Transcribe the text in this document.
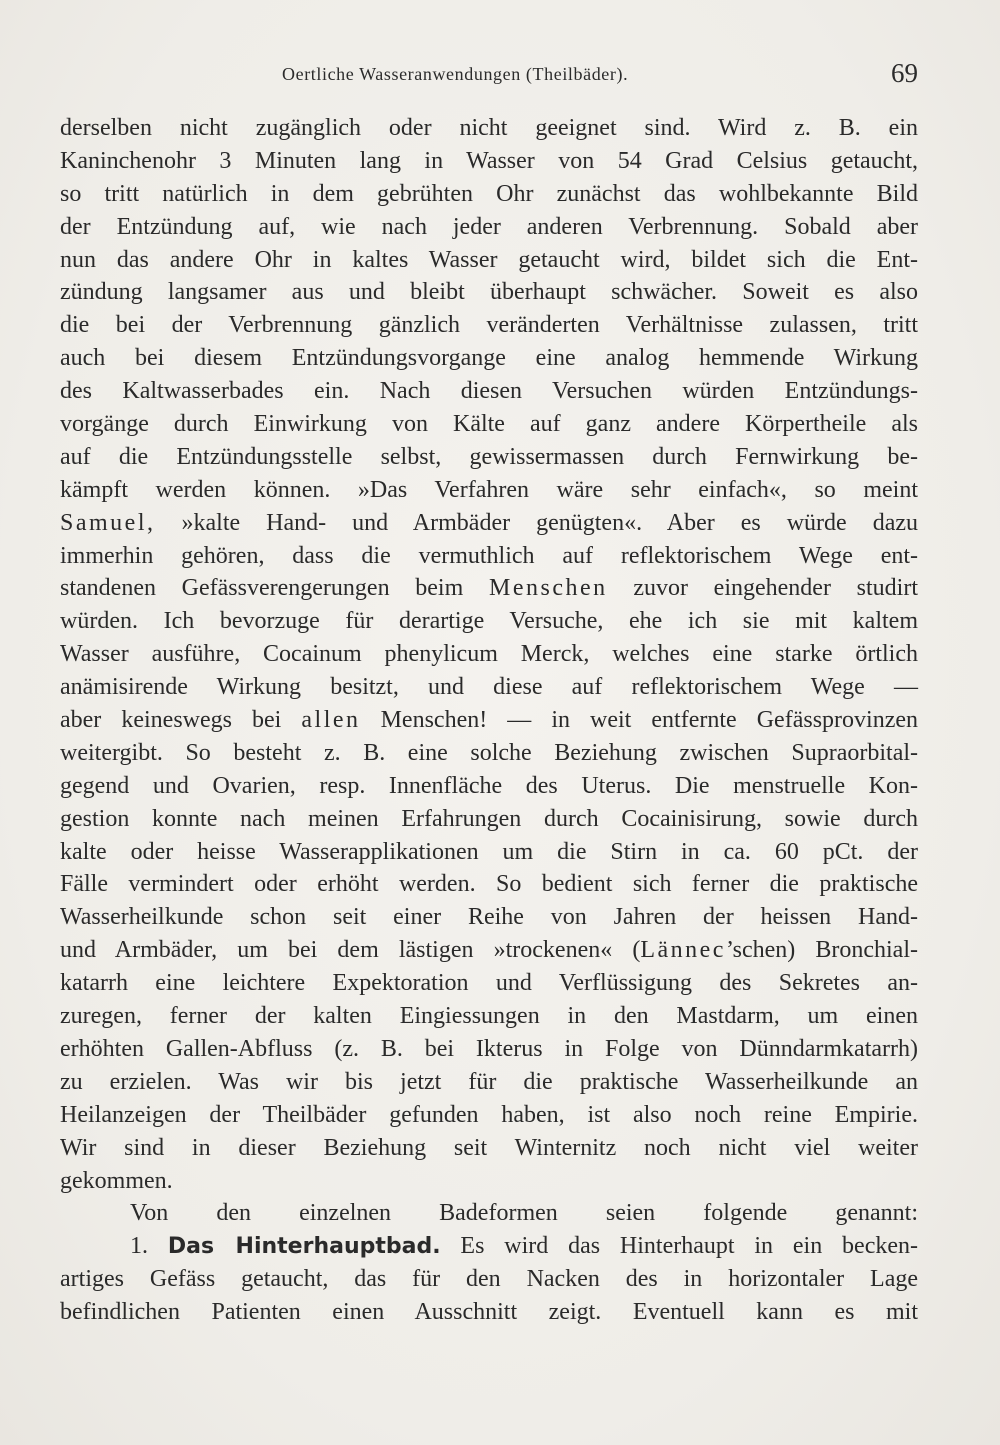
Oertliche Wasseranwendungen (Theilbäder).	69
derselben nicht zugänglich oder nicht geeignet sind. Wird z. B. ein
Kaninchenohr 3 Minuten lang in Wasser von 54 Grad Celsius getaucht,
so tritt natürlich in dem gebrühten Ohr zunächst das wohlbekannte Bild
der Entzündung auf, wie nach jeder anderen Verbrennung. Sobald aber
nun das andere Ohr in kaltes Wasser getaucht wird, bildet sich die Ent-
zündung langsamer aus und bleibt überhaupt schwächer. Soweit es also
die bei der Verbrennung gänzlich veränderten Verhältnisse zulassen, tritt
auch bei diesem Entzündungsvorgange eine analog hemmende Wirkung
des Kaltwasserbades ein. Nach diesen Versuchen würden Entzündungs-
vorgänge durch Einwirkung von Kälte auf ganz andere Körpertheile als
auf die Entzündungsstelle selbst, gewissermassen durch Fernwirkung be-
kämpft werden können. »Das Verfahren wäre sehr einfach«, so meint
Samuel, »kalte Hand- und Armbäder genügten«. Aber es würde dazu
immerhin gehören, dass die vermuthlich auf reflektorischem Wege ent-
standenen Gefässverengerungen beim Menschen zuvor eingehender studirt
würden. Ich bevorzuge für derartige Versuche, ehe ich sie mit kaltem
Wasser ausführe, Cocainum phenylicum Merck, welches eine starke örtlich
anämisirende Wirkung besitzt, und diese auf reflektorischem Wege —
aber keineswegs bei allen Menschen! — in weit entfernte Gefässprovinzen
weitergibt. So besteht z. B. eine solche Beziehung zwischen Supraorbital-
gegend und Ovarien, resp. Innenfläche des Uterus. Die menstruelle Kon-
gestion konnte nach meinen Erfahrungen durch Cocainisirung, sowie durch
kalte oder heisse Wasserapplikationen um die Stirn in ca. 60 pCt. der
Fälle vermindert oder erhöht werden. So bedient sich ferner die praktische
Wasserheilkunde schon seit einer Reihe von Jahren der heissen Hand-
und Armbäder, um bei dem lästigen »trockenen« (Lännec’schen) Bronchial-
katarrh eine leichtere Expektoration und Verflüssigung des Sekretes an-
zuregen, ferner der kalten Eingiessungen in den Mastdarm, um einen
erhöhten Gallen-Abfluss (z. B. bei Ikterus in Folge von Dünndarmkatarrh)
zu erzielen. Was wir bis jetzt für die praktische Wasserheilkunde an
Heilanzeigen der Theilbäder gefunden haben, ist also noch reine Empirie.
Wir sind in dieser Beziehung seit Winternitz noch nicht viel weiter
gekommen.
Von den einzelnen Badeformen seien folgende genannt:
1. Das Hinterhauptbad. Es wird das Hinterhaupt in ein becken-
artiges Gefäss getaucht, das für den Nacken des in horizontaler Lage
befindlichen Patienten einen Ausschnitt zeigt. Eventuell kann es mit
